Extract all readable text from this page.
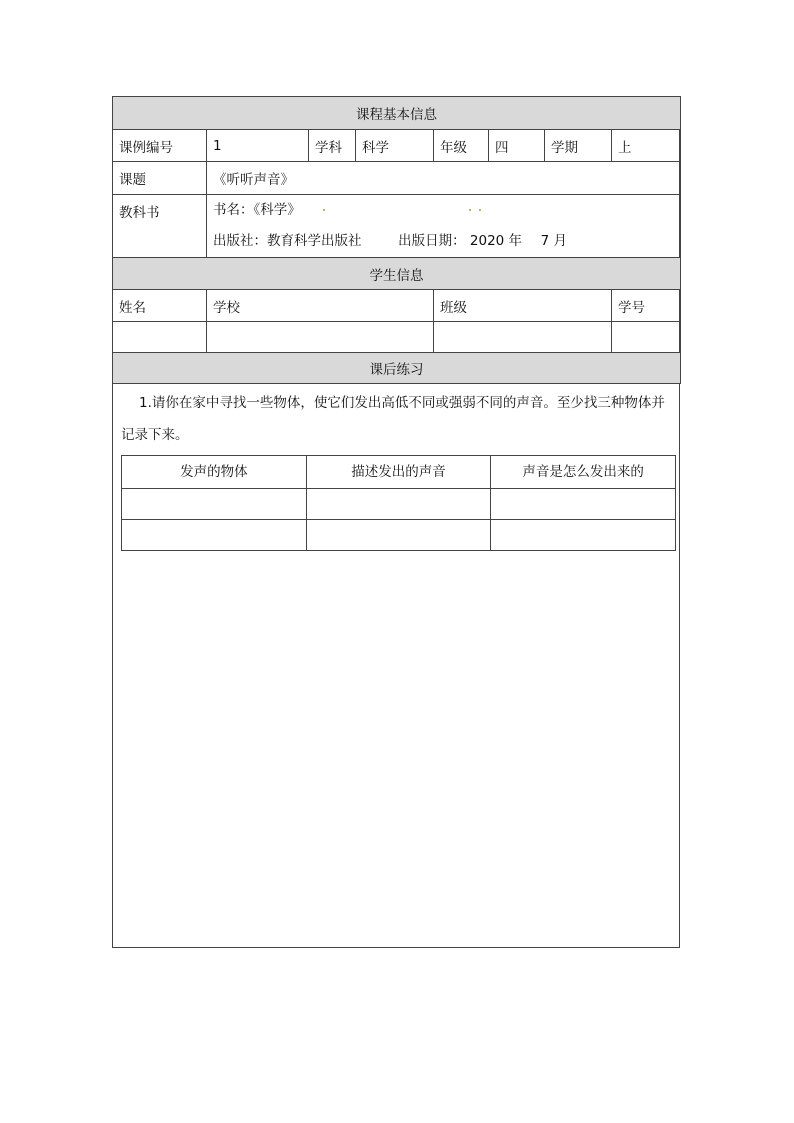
课程基本信息							
课例编号	1	学科	科学	年级	四	学期	上
课题	《听听声音》						
教科书	书名：《科学》
出版社：教育科学出版社 出版日期： 2020 年 7 月						

学生信息							
姓名	学校			班级			学号

课后练习							

1.请你在家中寻找一些物体，使它们发出高低不同或强弱不同的声音。至少找三种物体并记录下来。

发声的物体	描述发出的声音	声音是怎么发出来的
